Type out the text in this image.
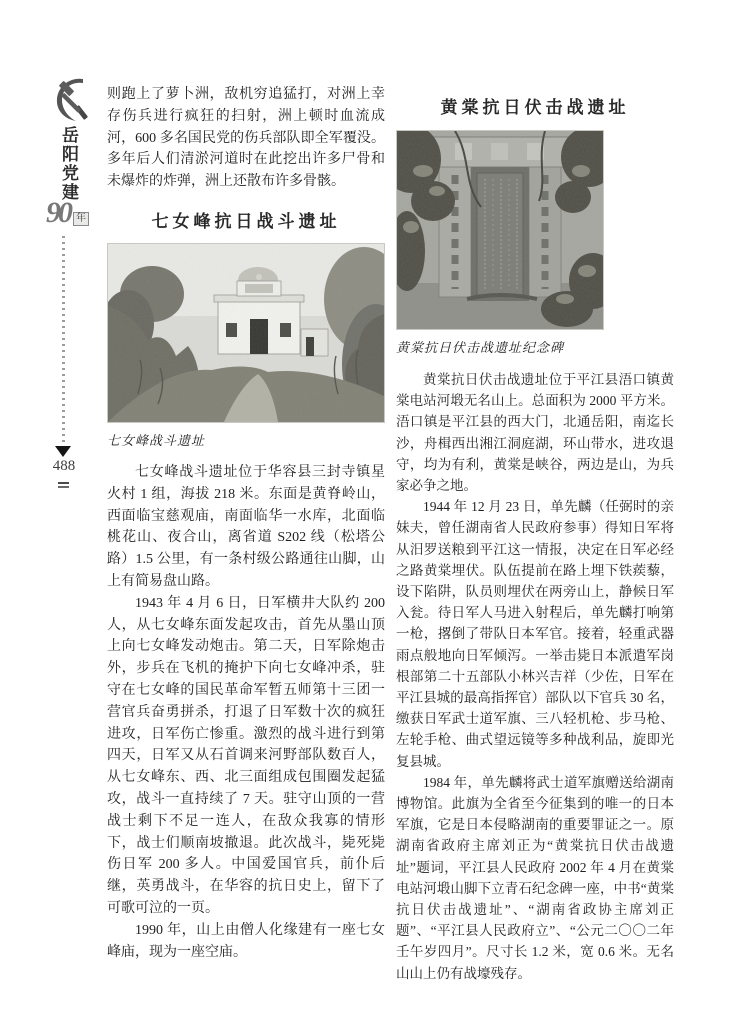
岳阳党建
90 年
488

则跑上了萝卜洲，敌机穷追猛打，对洲上幸存伤兵进行疯狂的扫射，洲上顿时血流成河，600 多名国民党的伤兵部队即全军覆没。多年后人们清淤河道时在此挖出许多尸骨和未爆炸的炸弹，洲上还散布许多骨骸。

七女峰抗日战斗遗址
七女峰战斗遗址

七女峰战斗遗址位于华容县三封寺镇星火村 1 组，海拔 218 米。东面是黄脊岭山，西面临宝慈观庙，南面临华一水库，北面临桃花山、夜合山，离省道 S202 线（松塔公路）1.5 公里，有一条村级公路通往山脚，山上有简易盘山路。

1943 年 4 月 6 日，日军横井大队约 200 人，从七女峰东面发起攻击，首先从墨山顶上向七女峰发动炮击。第二天，日军除炮击外，步兵在飞机的掩护下向七女峰冲杀，驻守在七女峰的国民革命军暂五师第十三团一营官兵奋勇拼杀，打退了日军数十次的疯狂进攻，日军伤亡惨重。激烈的战斗进行到第四天，日军又从石首调来河野部队数百人，从七女峰东、西、北三面组成包围圈发起猛攻，战斗一直持续了 7 天。驻守山顶的一营战士剩下不足一连人，在敌众我寡的情形下，战士们顺南坡撤退。此次战斗，毙死毙伤日军 200 多人。中国爱国官兵，前仆后继，英勇战斗，在华容的抗日史上，留下了可歌可泣的一页。

1990 年，山上由僧人化缘建有一座七女峰庙，现为一座空庙。

黄棠抗日伏击战遗址
黄棠抗日伏击战遗址纪念碑

黄棠抗日伏击战遗址位于平江县浯口镇黄棠电站河塅无名山上。总面积为 2000 平方米。浯口镇是平江县的西大门，北通岳阳，南迄长沙，舟楫西出湘江洞庭湖，环山带水，进攻退守，均为有利，黄棠是峡谷，两边是山，为兵家必争之地。

1944 年 12 月 23 日，单先麟（任弼时的亲妹夫，曾任湖南省人民政府参事）得知日军将从汨罗送粮到平江这一情报，决定在日军必经之路黄棠埋伏。队伍提前在路上埋下铁蒺藜，设下陷阱，队员则埋伏在两旁山上，静候日军入瓮。待日军人马进入射程后，单先麟打响第一枪，撂倒了带队日本军官。接着，轻重武器雨点般地向日军倾泻。一举击毙日本派遣军岗根部第二十五部队小林兴吉祥（少佐，日军在平江县城的最高指挥官）部队以下官兵 30 名，缴获日军武士道军旗、三八轻机枪、步马枪、左轮手枪、曲式望远镜等多种战利品，旋即光复县城。

1984 年，单先麟将武士道军旗赠送给湖南博物馆。此旗为全省至今征集到的唯一的日本军旗，它是日本侵略湖南的重要罪证之一。原湖南省政府主席刘正为“黄棠抗日伏击战遗址”题词，平江县人民政府 2002 年 4 月在黄棠电站河塅山脚下立青石纪念碑一座，中书“黄棠抗日伏击战遗址”、“湖南省政协主席刘正题”、“平江县人民政府立”、“公元二〇〇二年壬午岁四月”。尺寸长 1.2 米，宽 0.6 米。无名山山上仍有战壕残存。
